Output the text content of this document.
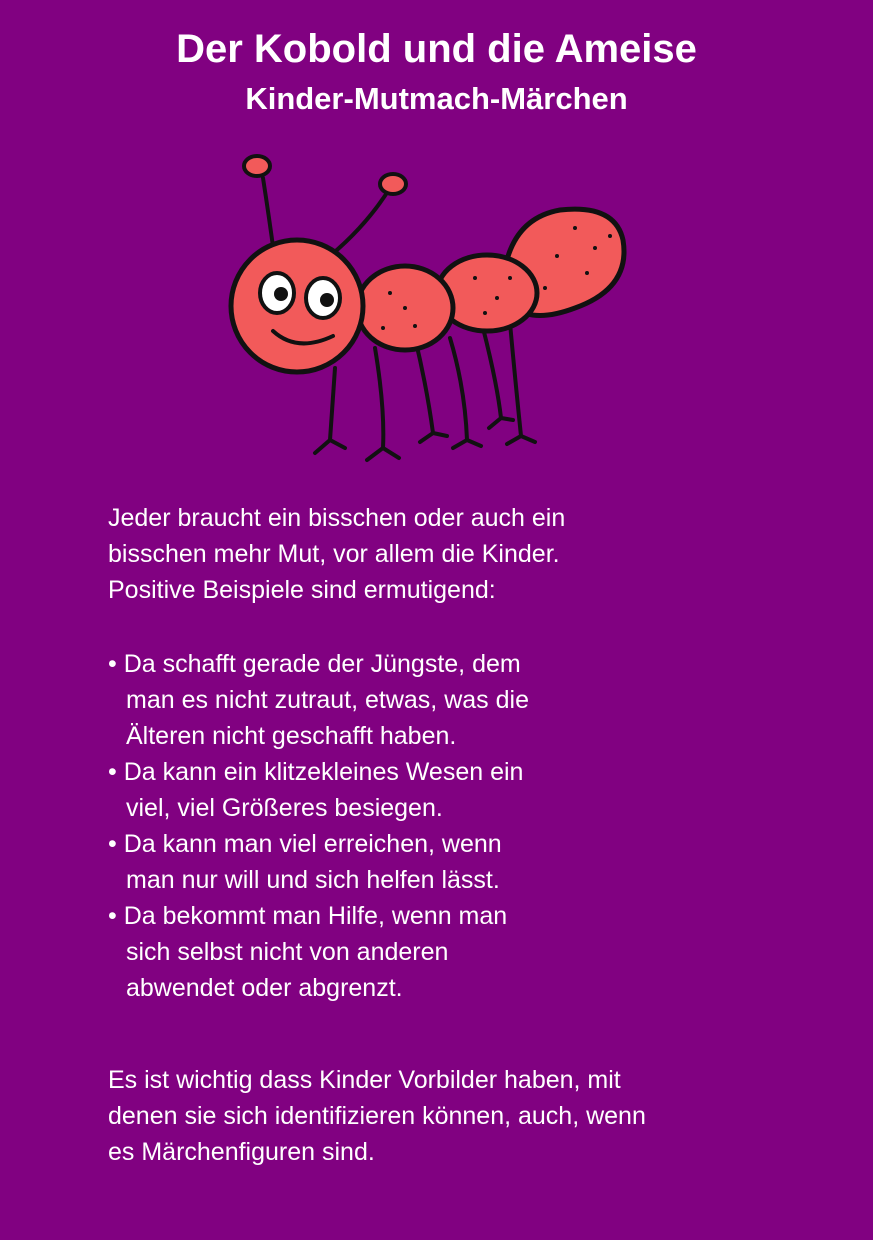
Der Kobold und die Ameise
Kinder-Mutmach-Märchen
Jeder braucht ein bisschen oder auch ein
bisschen mehr Mut, vor allem die Kinder.
Positive Beispiele sind ermutigend:
• Da schafft gerade der Jüngste, dem
man es nicht zutraut, etwas, was die
Älteren nicht geschafft haben.
• Da kann ein klitzekleines Wesen ein
viel, viel Größeres besiegen.
• Da kann man viel erreichen, wenn
man nur will und sich helfen lässt.
• Da bekommt man Hilfe, wenn man
sich selbst nicht von anderen
abwendet oder abgrenzt.
Es ist wichtig dass Kinder Vorbilder haben, mit
denen sie sich identifizieren können, auch, wenn
es Märchenfiguren sind.
